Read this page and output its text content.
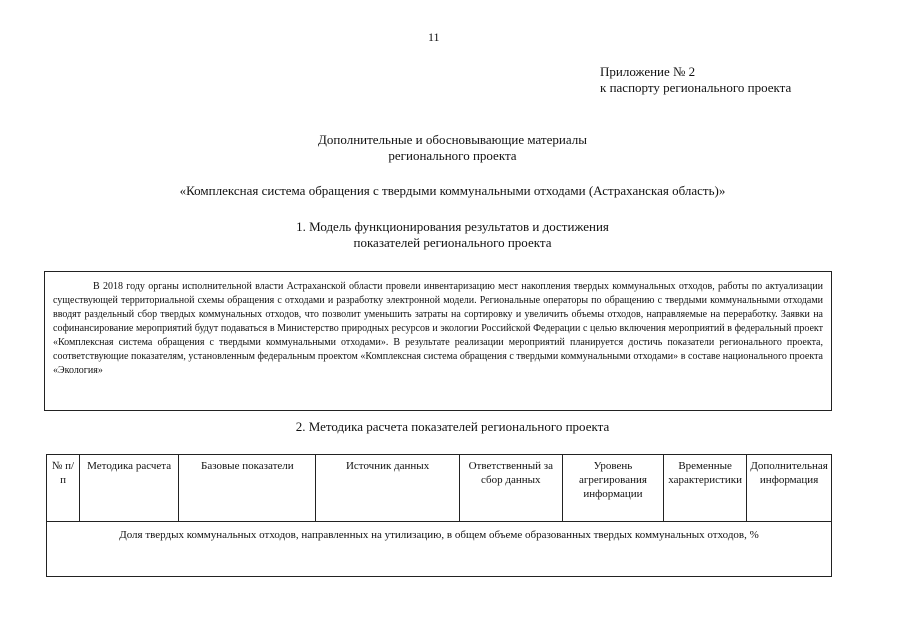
11
Приложение № 2
к паспорту регионального проекта
Дополнительные и обосновывающие материалы
регионального проекта
«Комплексная система обращения с твердыми коммунальными отходами (Астраханская область)»
1. Модель функционирования результатов и достижения
показателей регионального проекта

В 2018 году органы исполнительной власти Астраханской области провели инвентаризацию мест накопления твердых коммунальных отходов, работы по актуализации существующей территориальной схемы обращения с отходами и разработку электронной модели. Региональные операторы по обращению с твердыми коммунальными отходами вводят раздельный сбор твердых коммунальных отходов, что позволит уменьшить затраты на сортировку и увеличить объемы отходов, направляемые на переработку. Заявки на софинансирование мероприятий будут подаваться в Министерство природных ресурсов и экологии Российской Федерации с целью включения мероприятий в федеральный проект «Комплексная система обращения с твердыми коммунальными отходами». В результате реализации мероприятий планируется достичь показатели регионального проекта, соответствующие показателям, установленным федеральным проектом «Комплексная система обращения с твердыми коммунальными отходами» в составе национального проекта «Экология»

2. Методика расчета показателей регионального проекта
№ п/п	Методика расчета	Базовые показатели	Источник данных	Ответственный за сбор данных	Уровень агрегирования информации	Временные характеристики	Дополнительная информация
Доля твердых коммунальных отходов, направленных на утилизацию, в общем объеме образованных твердых коммунальных отходов, %
